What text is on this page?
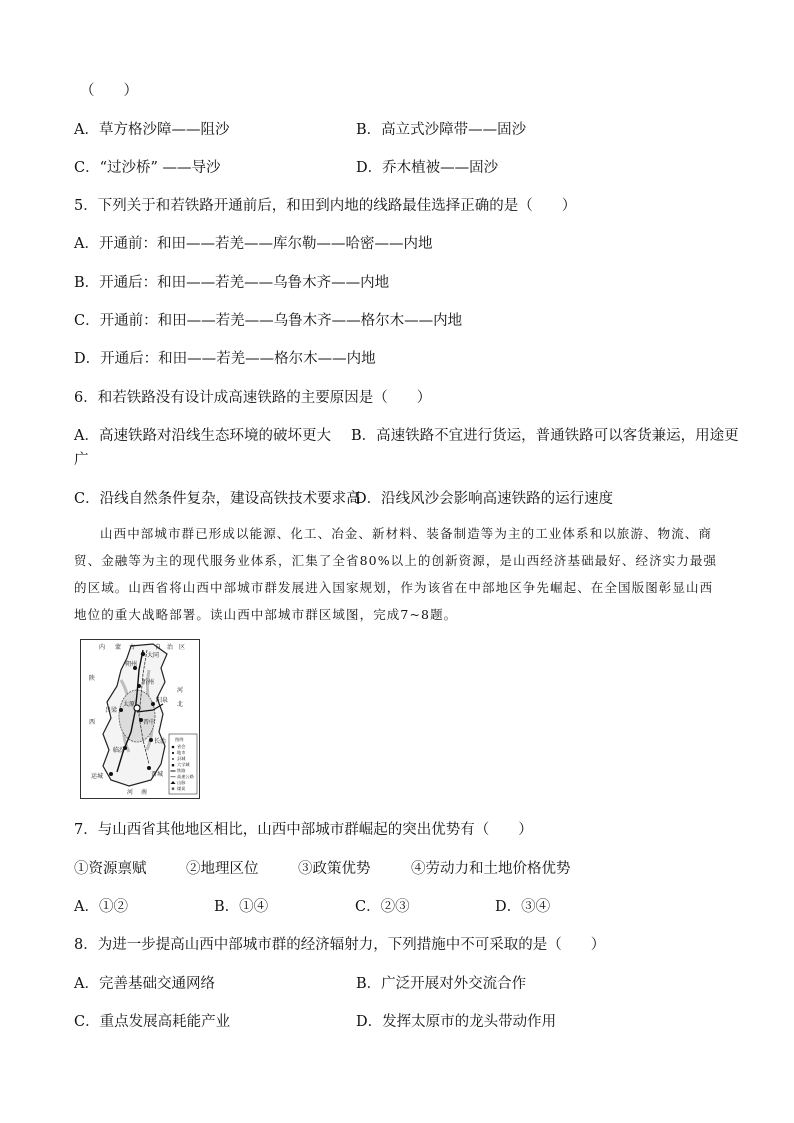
（　　）
A．草方格沙障——阻沙	B．高立式沙障带——固沙
C．“过沙桥” ——导沙	D．乔木植被——固沙
5．下列关于和若铁路开通前后，和田到内地的线路最佳选择正确的是（　　）
A．开通前：和田——若羌——库尔勒——哈密——内地
B．开通后：和田——若羌——乌鲁木齐——内地
C．开通前：和田——若羌——乌鲁木齐——格尔木——内地
D．开通后：和田——若羌——格尔木——内地
6．和若铁路没有设计成高速铁路的主要原因是（　　）
A．高速铁路对沿线生态环境的破坏更大 B．高速铁路不宜进行货运，普通铁路可以客货兼运，用途更
广
C．沿线自然条件复杂，建设高铁技术要求高
D．沿线风沙会影响高速铁路的运行速度
山西中部城市群已形成以能源、化工、冶金、新材料、装备制造等为主的工业体系和以旅游、物流、商贸、金融等为主的现代服务业体系，汇集了全省80%以上的创新资源，是山西经济基础最好、经济实力最强的区域。山西省将山西中部城市群发展进入国家规划，作为该省在中部地区争先崛起、在全国版图彰显山西地位的重大战略部署。读山西中部城市群区域图，完成7~8题。
内 蒙 古	自 治 区
大同
朔州
忻州
陕
河
北
西
吕梁
晋中
阳泉
太原
长治
临汾
晋城
运城
河 南
图例
省会
地市
县城
大学城
铁路
高速公路
山脉
煤炭
7．与山西省其他地区相比，山西中部城市群崛起的突出优势有（　　）
①资源禀赋	②地理区位	③政策优势	④劳动力和土地价格优势
A．①②	B．①④	C．②③	D．③④
8．为进一步提高山西中部城市群的经济辐射力，下列措施中不可采取的是（　　）
A．完善基础交通网络	B．广泛开展对外交流合作
C．重点发展高耗能产业	D．发挥太原市的龙头带动作用
